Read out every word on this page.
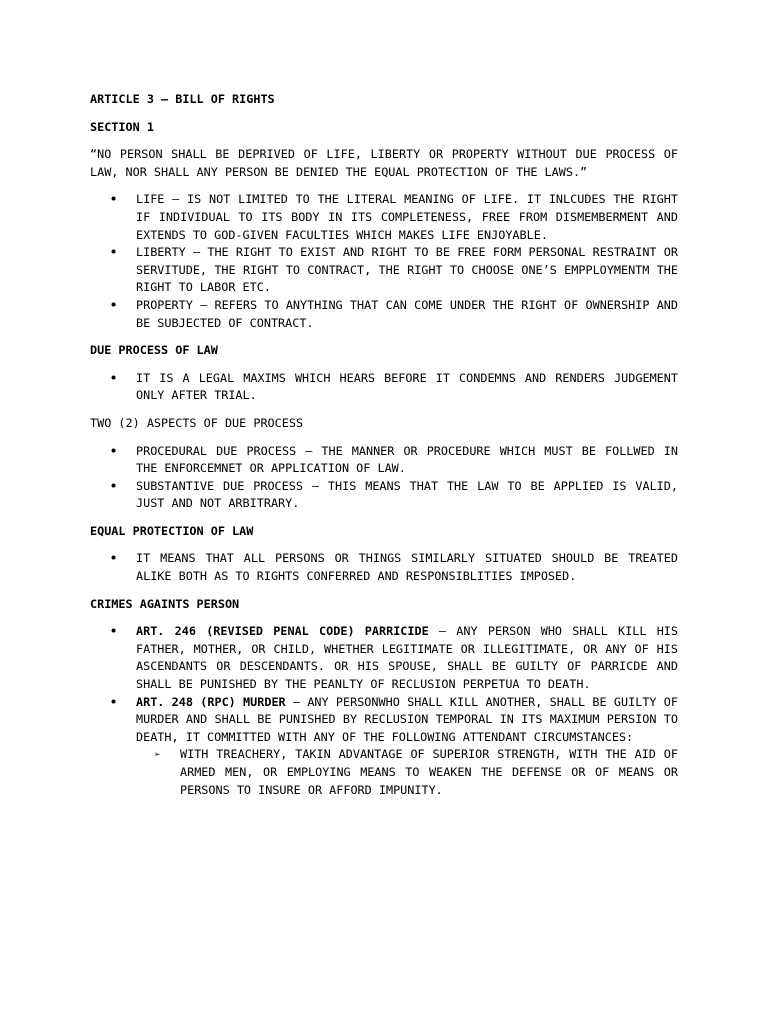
ARTICLE 3 – BILL OF RIGHTS

SECTION 1

“NO PERSON SHALL BE DEPRIVED OF LIFE, LIBERTY OR PROPERTY WITHOUT DUE PROCESS OF LAW, NOR SHALL ANY PERSON BE DENIED THE EQUAL PROTECTION OF THE LAWS.”

• LIFE – IS NOT LIMITED TO THE LITERAL MEANING OF LIFE. IT INLCUDES THE RIGHT IF INDIVIDUAL TO ITS BODY IN ITS COMPLETENESS, FREE FROM DISMEMBERMENT AND EXTENDS TO GOD-GIVEN FACULTIES WHICH MAKES LIFE ENJOYABLE.
• LIBERTY – THE RIGHT TO EXIST AND RIGHT TO BE FREE FORM PERSONAL RESTRAINT OR SERVITUDE, THE RIGHT TO CONTRACT, THE RIGHT TO CHOOSE ONE’S EMPPLOYMENTM THE RIGHT TO LABOR ETC.
• PROPERTY – REFERS TO ANYTHING THAT CAN COME UNDER THE RIGHT OF OWNERSHIP AND BE SUBJECTED OF CONTRACT.

DUE PROCESS OF LAW

• IT IS A LEGAL MAXIMS WHICH HEARS BEFORE IT CONDEMNS AND RENDERS JUDGEMENT ONLY AFTER TRIAL.

TWO (2) ASPECTS OF DUE PROCESS

• PROCEDURAL DUE PROCESS – THE MANNER OR PROCEDURE WHICH MUST BE FOLLWED IN THE ENFORCEMNET OR APPLICATION OF LAW.
• SUBSTANTIVE DUE PROCESS – THIS MEANS THAT THE LAW TO BE APPLIED IS VALID, JUST AND NOT ARBITRARY.

EQUAL PROTECTION OF LAW

• IT MEANS THAT ALL PERSONS OR THINGS SIMILARLY SITUATED SHOULD BE TREATED ALIKE BOTH AS TO RIGHTS CONFERRED AND RESPONSIBLITIES IMPOSED.

CRIMES AGAINTS PERSON

• ART. 246 (REVISED PENAL CODE) PARRICIDE – ANY PERSON WHO SHALL KILL HIS FATHER, MOTHER, OR CHILD, WHETHER LEGITIMATE OR ILLEGITIMATE, OR ANY OF HIS ASCENDANTS OR DESCENDANTS. OR HIS SPOUSE, SHALL BE GUILTY OF PARRICDE AND SHALL BE PUNISHED BY THE PEANLTY OF RECLUSION PERPETUA TO DEATH.
• ART. 248 (RPC) MURDER – ANY PERSONWHO SHALL KILL ANOTHER, SHALL BE GUILTY OF MURDER AND SHALL BE PUNISHED BY RECLUSION TEMPORAL IN ITS MAXIMUM PERSION TO DEATH, IT COMMITTED WITH ANY OF THE FOLLOWING ATTENDANT CIRCUMSTANCES:
➢ WITH TREACHERY, TAKIN ADVANTAGE OF SUPERIOR STRENGTH, WITH THE AID OF ARMED MEN, OR EMPLOYING MEANS TO WEAKEN THE DEFENSE OR OF MEANS OR PERSONS TO INSURE OR AFFORD IMPUNITY.
